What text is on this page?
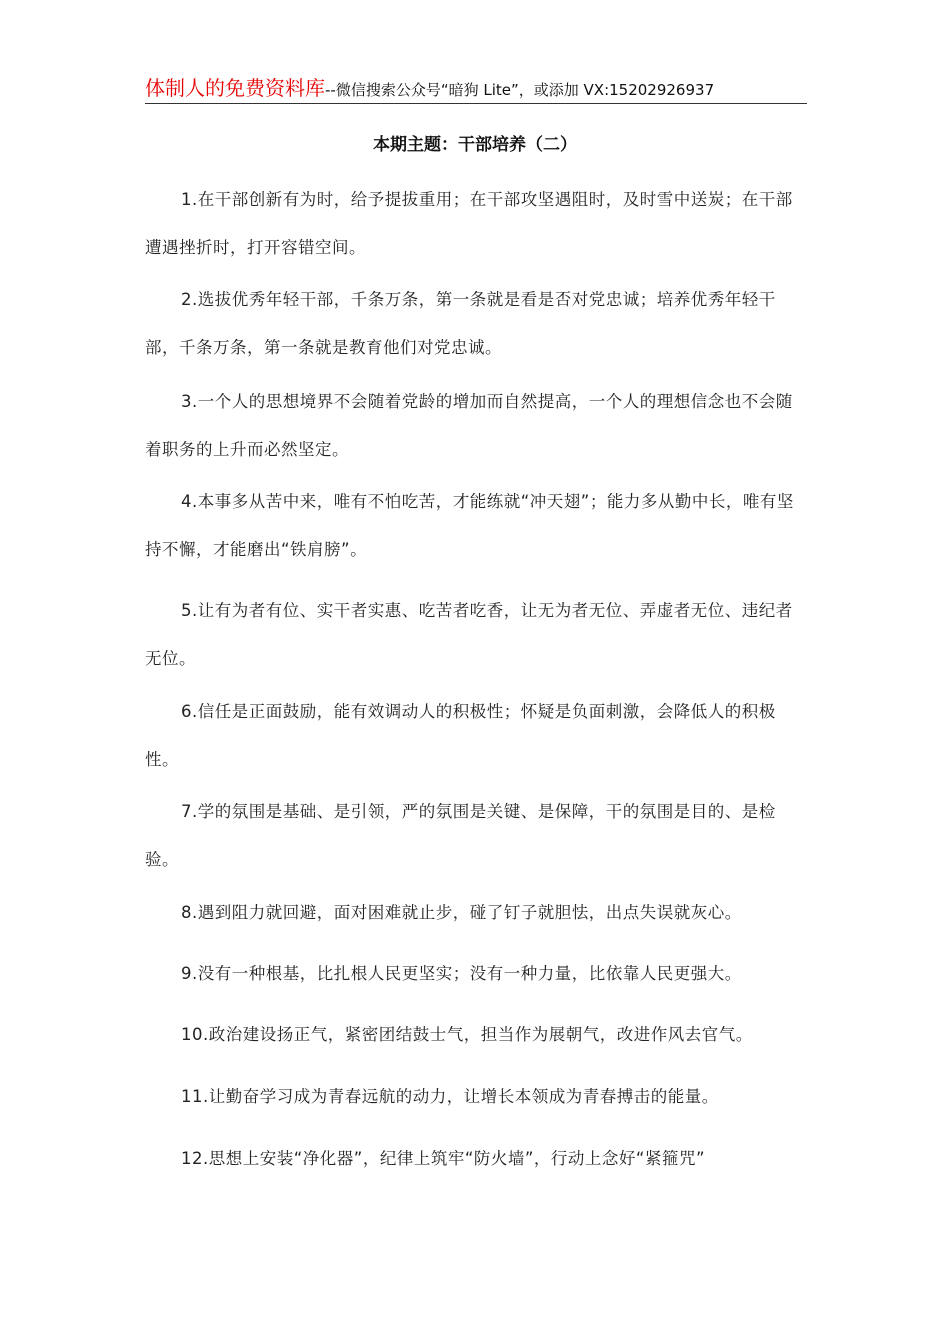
体制人的免费资料库--微信搜索公众号“暗狗 Lite”，或添加 VX:15202926937
本期主题：干部培养（二）

1.在干部创新有为时，给予提拔重用；在干部攻坚遇阻时，及时雪中送炭；在干部遭遇挫折时，打开容错空间。

2.选拔优秀年轻干部，千条万条，第一条就是看是否对党忠诚；培养优秀年轻干部，千条万条，第一条就是教育他们对党忠诚。

3.一个人的思想境界不会随着党龄的增加而自然提高，一个人的理想信念也不会随着职务的上升而必然坚定。

4.本事多从苦中来，唯有不怕吃苦，才能练就“冲天翅”；能力多从勤中长，唯有坚持不懈，才能磨出“铁肩膀”。

5.让有为者有位、实干者实惠、吃苦者吃香，让无为者无位、弄虚者无位、违纪者无位。

6.信任是正面鼓励，能有效调动人的积极性；怀疑是负面刺激，会降低人的积极性。

7.学的氛围是基础、是引领，严的氛围是关键、是保障，干的氛围是目的、是检验。

8.遇到阻力就回避，面对困难就止步，碰了钉子就胆怯，出点失误就灰心。

9.没有一种根基，比扎根人民更坚实；没有一种力量，比依靠人民更强大。

10.政治建设扬正气，紧密团结鼓士气，担当作为展朝气，改进作风去官气。

11.让勤奋学习成为青春远航的动力，让增长本领成为青春搏击的能量。

12.思想上安装“净化器”，纪律上筑牢“防火墙”，行动上念好“紧箍咒”
